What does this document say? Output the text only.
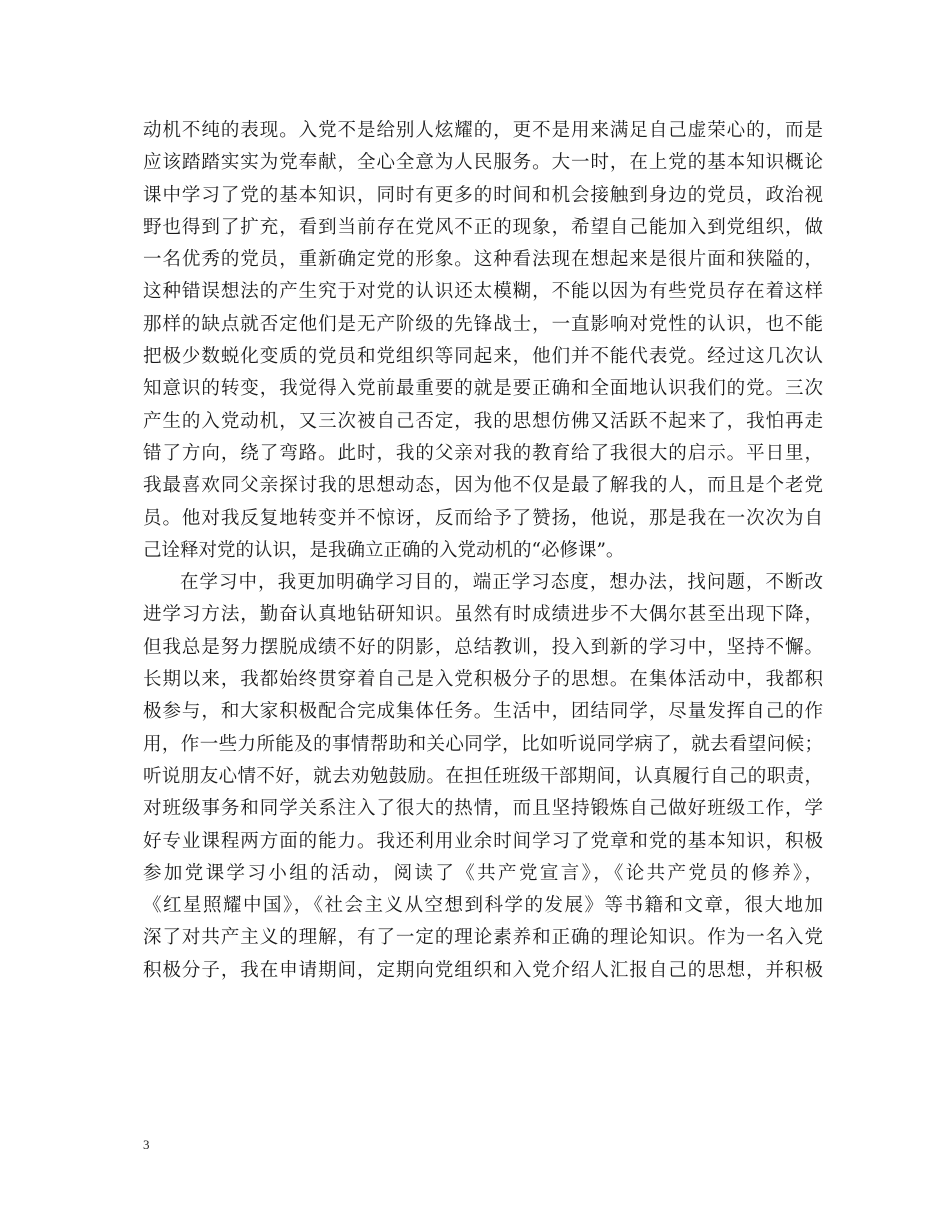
动机不纯的表现。入党不是给别人炫耀的，更不是用来满足自己虚荣心的，而是
应该踏踏实实为党奉献，全心全意为人民服务。大一时，在上党的基本知识概论
课中学习了党的基本知识，同时有更多的时间和机会接触到身边的党员，政治视
野也得到了扩充，看到当前存在党风不正的现象，希望自己能加入到党组织，做
一名优秀的党员，重新确定党的形象。这种看法现在想起来是很片面和狭隘的，
这种错误想法的产生究于对党的认识还太模糊，不能以因为有些党员存在着这样
那样的缺点就否定他们是无产阶级的先锋战士，一直影响对党性的认识，也不能
把极少数蜕化变质的党员和党组织等同起来，他们并不能代表党。经过这几次认
知意识的转变，我觉得入党前最重要的就是要正确和全面地认识我们的党。三次
产生的入党动机，又三次被自己否定，我的思想仿佛又活跃不起来了，我怕再走
错了方向，绕了弯路。此时，我的父亲对我的教育给了我很大的启示。平日里，
我最喜欢同父亲探讨我的思想动态，因为他不仅是最了解我的人，而且是个老党
员。他对我反复地转变并不惊讶，反而给予了赞扬，他说，那是我在一次次为自
己诠释对党的认识，是我确立正确的入党动机的“必修课”。
在学习中，我更加明确学习目的，端正学习态度，想办法，找问题，不断改
进学习方法，勤奋认真地钻研知识。虽然有时成绩进步不大偶尔甚至出现下降，
但我总是努力摆脱成绩不好的阴影，总结教训，投入到新的学习中，坚持不懈。
长期以来，我都始终贯穿着自己是入党积极分子的思想。在集体活动中，我都积
极参与，和大家积极配合完成集体任务。生活中，团结同学，尽量发挥自己的作
用，作一些力所能及的事情帮助和关心同学，比如听说同学病了，就去看望问候；
听说朋友心情不好，就去劝勉鼓励。在担任班级干部期间，认真履行自己的职责，
对班级事务和同学关系注入了很大的热情，而且坚持锻炼自己做好班级工作，学
好专业课程两方面的能力。我还利用业余时间学习了党章和党的基本知识，积极
参加党课学习小组的活动，阅读了《共产党宣言》，《论共产党员的修养》，
《红星照耀中国》，《社会主义从空想到科学的发展》等书籍和文章，很大地加
深了对共产主义的理解，有了一定的理论素养和正确的理论知识。作为一名入党
积极分子，我在申请期间，定期向党组织和入党介绍人汇报自己的思想，并积极
3
